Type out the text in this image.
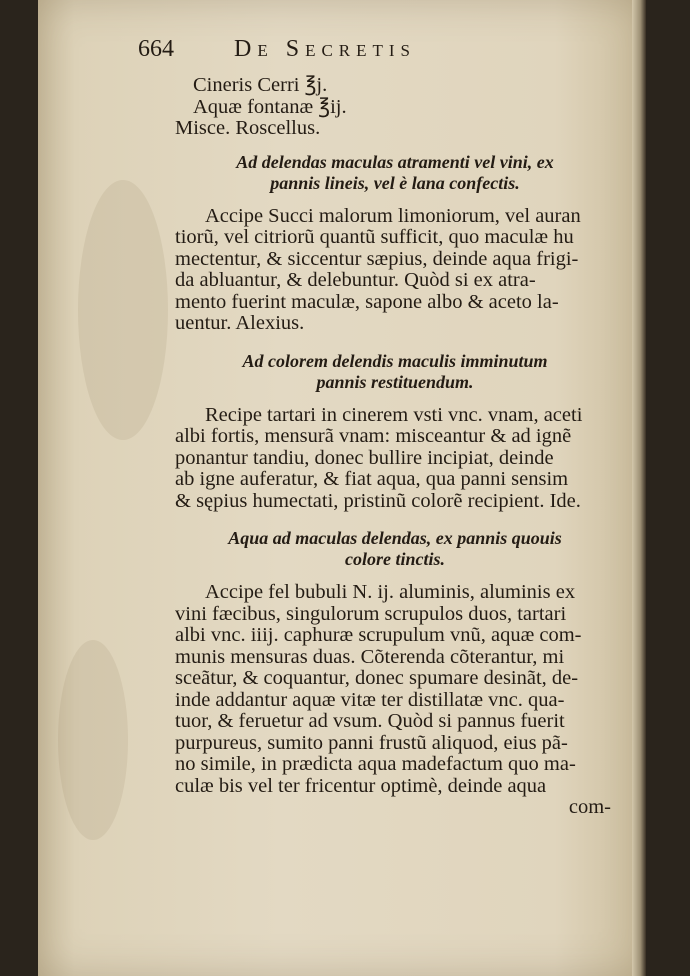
664	De Secretis
Cineris Cerri ℥j.
Aquæ fontanæ ℥ij.
Misce. Roscellus.
Ad delendas maculas atramenti vel vini, ex
pannis lineis, vel è lana confectis.
Accipe Succi malorum limoniorum, vel auran
tiorũ, vel citriorũ quantũ sufficit, quo maculæ hu
mectentur, & siccentur sæpius, deinde aqua frigi-
da abluantur, & delebuntur. Quòd si ex atra-
mento fuerint maculæ, sapone albo & aceto la-
uentur. Alexius.
Ad colorem delendis maculis imminutum
pannis restituendum.
Recipe tartari in cinerem vsti vnc. vnam, aceti
albi fortis, mensurã vnam: misceantur & ad ignẽ
ponantur tandiu, donec bullire incipiat, deinde
ab igne auferatur, & fiat aqua, qua panni sensim
& sępius humectati, pristinũ colorẽ recipient. Ide.
Aqua ad maculas delendas, ex pannis quouis
colore tinctis.
Accipe fel bubuli N. ij. aluminis, aluminis ex
vini fæcibus, singulorum scrupulos duos, tartari
albi vnc. iiij. caphuræ scrupulum vnũ, aquæ com-
munis mensuras duas. Cõterenda cõterantur, mi
sceãtur, & coquantur, donec spumare desinãt, de-
inde addantur aquæ vitæ ter distillatæ vnc. qua-
tuor, & feruetur ad vsum. Quòd si pannus fuerit
purpureus, sumito panni frustũ aliquod, eius pã-
no simile, in prædicta aqua madefactum quo ma-
culæ bis vel ter fricentur optimè, deinde aqua
com-
